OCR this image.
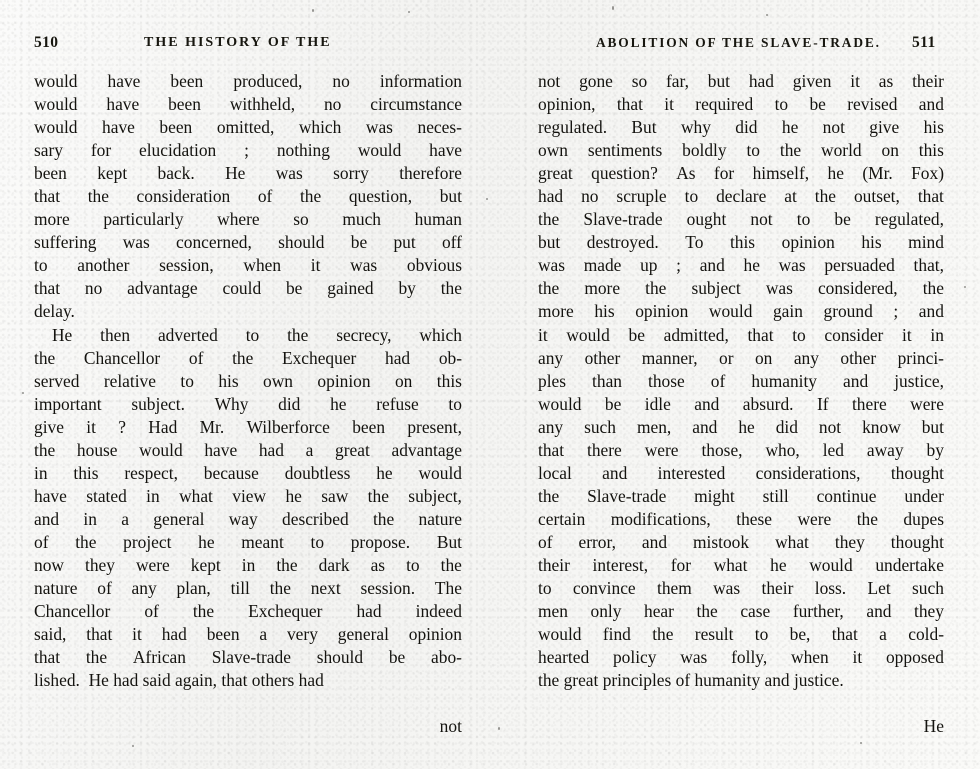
510	THE HISTORY OF THE	ABOLITION OF THE SLAVE-TRADE. 511
would have been produced, no information
would have been withheld, no circumstance
would have been omitted, which was neces-
sary for elucidation ; nothing would have
been kept back. He was sorry therefore
that the consideration of the question, but
more particularly where so much human
suffering was concerned, should be put off
to another session, when it was obvious
that no advantage could be gained by the
delay.
He then adverted to the secrecy, which
the Chancellor of the Exchequer had ob-
served relative to his own opinion on this
important subject. Why did he refuse to
give it ? Had Mr. Wilberforce been present,
the house would have had a great advantage
in this respect, because doubtless he would
have stated in what view he saw the subject,
and in a general way described the nature
of the project he meant to propose. But
now they were kept in the dark as to the
nature of any plan, till the next session. The
Chancellor of the Exchequer had indeed
said, that it had been a very general opinion
that the African Slave-trade should be abo-
lished.  He had said again, that others had
not
not gone so far, but had given it as their
opinion, that it required to be revised and
regulated. But why did he not give his
own sentiments boldly to the world on this
great question? As for himself, he (Mr. Fox)
had no scruple to declare at the outset, that
the Slave-trade ought not to be regulated,
but destroyed. To this opinion his mind
was made up ; and he was persuaded that,
the more the subject was considered, the
more his opinion would gain ground ; and
it would be admitted, that to consider it in
any other manner, or on any other princi-
ples than those of humanity and justice,
would be idle and absurd. If there were
any such men, and he did not know but
that there were those, who, led away by
local and interested considerations, thought
the Slave-trade might still continue under
certain modifications, these were the dupes
of error, and mistook what they thought
their interest, for what he would undertake
to convince them was their loss. Let such
men only hear the case further, and they
would find the result to be, that a cold-
hearted policy was folly, when it opposed
the great principles of humanity and justice.
He
